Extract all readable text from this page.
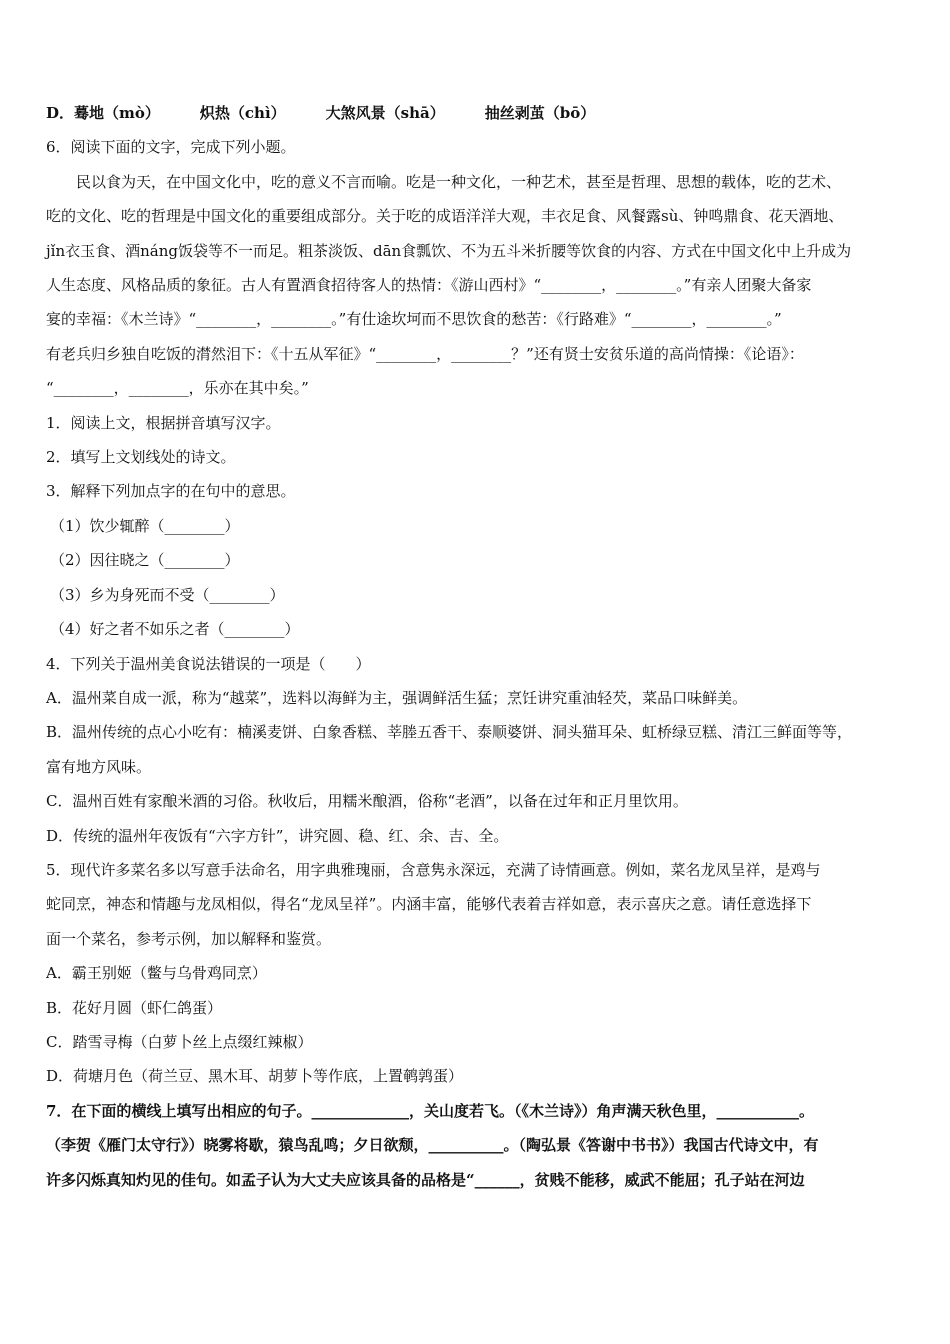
D．蓦地（mò）	炽热（chì）	大煞风景（shā）	抽丝剥茧（bō）

6．阅读下面的文字，完成下列小题。

民以食为天，在中国文化中，吃的意义不言而喻。吃是一种文化，一种艺术，甚至是哲理、思想的载体，吃的艺术、

吃的文化、吃的哲理是中国文化的重要组成部分。关于吃的成语洋洋大观，丰衣足食、风餐露sù、钟鸣鼎食、花天酒地、

jǐn衣玉食、酒náng饭袋等不一而足。粗茶淡饭、dān食瓢饮、不为五斗米折腰等饮食的内容、方式在中国文化中上升成为

人生态度、风格品质的象征。古人有置酒食招待客人的热情：《游山西村》“________，________。”有亲人团聚大备家

宴的幸福：《木兰诗》“________，________。”有仕途坎坷而不思饮食的愁苦：《行路难》“________，________。”

有老兵归乡独自吃饭的潸然泪下：《十五从军征》“________，________？”还有贤士安贫乐道的高尚情操：《论语》：

“________，________，乐亦在其中矣。”

1．阅读上文，根据拼音填写汉字。

2．填写上文划线处的诗文。

3．解释下列加点字的在句中的意思。

（1）饮少辄醉（________）

（2）因往晓之（________）

（3）乡为身死而不受（________）

（4）好之者不如乐之者（________）

4．下列关于温州美食说法错误的一项是（　　）

A．温州菜自成一派，称为“越菜”，选料以海鲜为主，强调鲜活生猛；烹饪讲究重油轻芡，菜品口味鲜美。

B．温州传统的点心小吃有：楠溪麦饼、白象香糕、莘塍五香干、泰顺婆饼、洞头猫耳朵、虹桥绿豆糕、清江三鲜面等等，

富有地方风味。

C．温州百姓有家酿米酒的习俗。秋收后，用糯米酿酒，俗称“老酒”，以备在过年和正月里饮用。

D．传统的温州年夜饭有“六字方针”，讲究圆、稳、红、余、吉、全。

5．现代许多菜名多以写意手法命名，用字典雅瑰丽，含意隽永深远，充满了诗情画意。例如，菜名龙凤呈祥，是鸡与

蛇同烹，神态和情趣与龙凤相似，得名“龙凤呈祥”。内涵丰富，能够代表着吉祥如意，表示喜庆之意。请任意选择下

面一个菜名，参考示例，加以解释和鉴赏。

A．霸王别姬（鳖与乌骨鸡同烹）

B．花好月圆（虾仁鸽蛋）

C．踏雪寻梅（白萝卜丝上点缀红辣椒）

D．荷塘月色（荷兰豆、黑木耳、胡萝卜等作底，上置鹌鹑蛋）

7．在下面的横线上填写出相应的句子。_____________，关山度若飞。（《木兰诗》）角声满天秋色里，___________。

（李贺《雁门太守行》）晓雾将歇，猿鸟乱鸣；夕日欲颓，__________。（陶弘景《答谢中书书》）我国古代诗文中，有

许多闪烁真知灼见的佳句。如孟子认为大丈夫应该具备的品格是“______，贫贱不能移，威武不能屈；孔子站在河边
